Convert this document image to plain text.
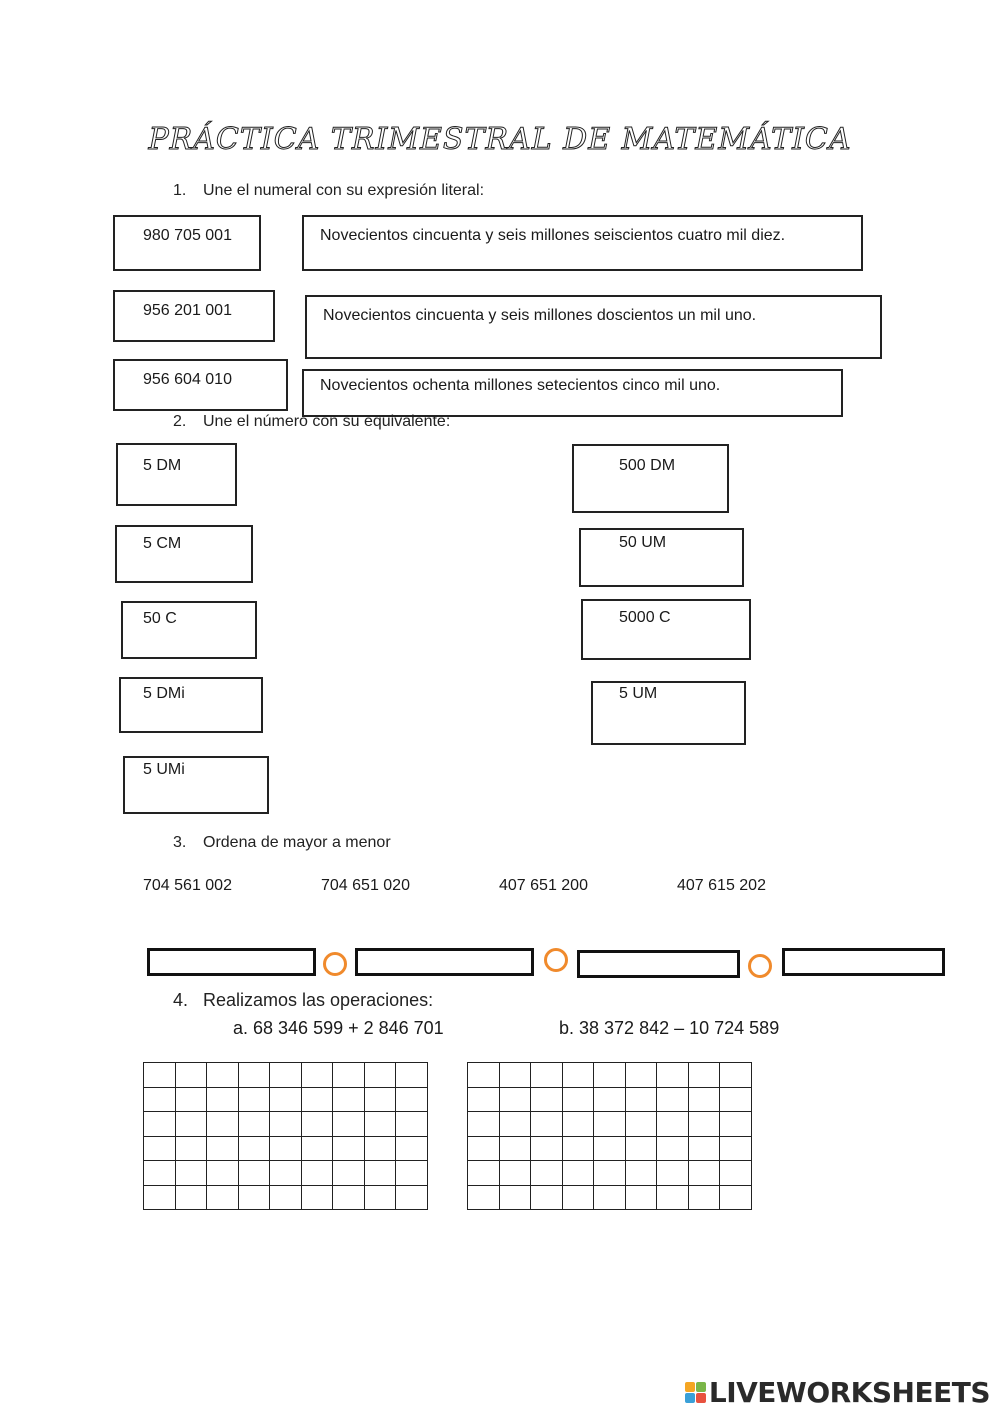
PRÁCTICA TRIMESTRAL DE MATEMÁTICA
1. Une el numeral con su expresión literal:
980 705 001
956 201 001
956 604 010
Novecientos cincuenta y seis millones seiscientos cuatro mil diez.
Novecientos cincuenta y seis millones doscientos un mil uno.
Novecientos ochenta millones setecientos cinco mil uno.
2. Une el número con su equivalente:
5 DM
5 CM
50 C
5 DMi
5 UMi
500 DM
50 UM
5000 C
5 UM
3. Ordena de mayor a menor
704 561 002	704 651 020	407 651 200	407 615 202
4. Realizamos las operaciones:
a. 68 346 599 + 2 846 701	b. 38 372 842 – 10 724 589

LIVEWORKSHEETS
